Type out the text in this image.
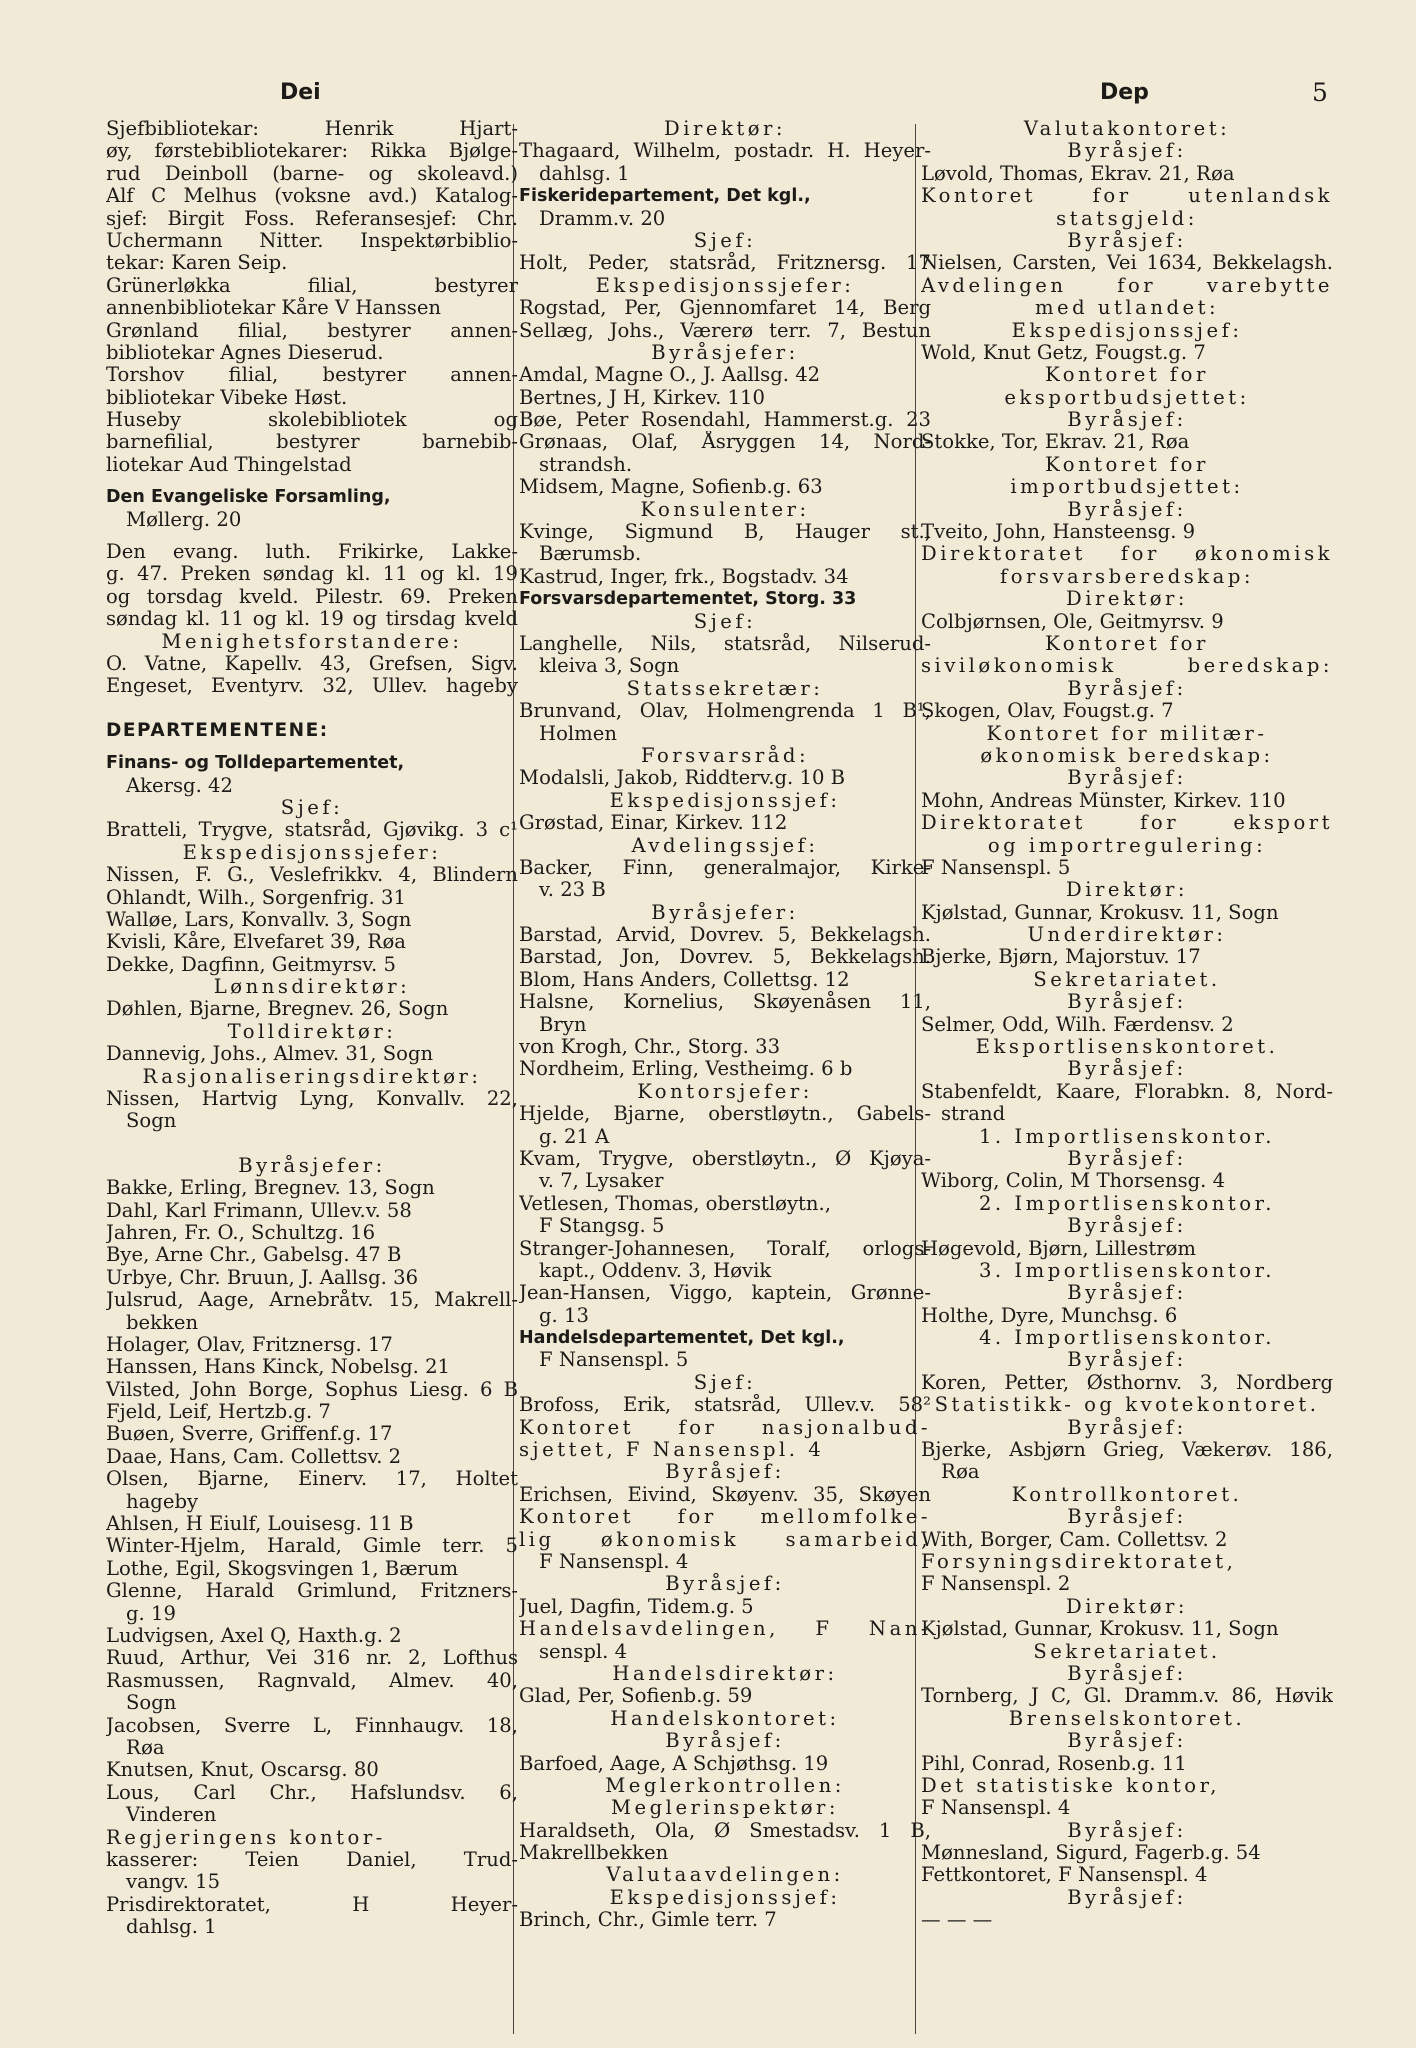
Dei	Dep	5
Sjefbibliotekar: Henrik Hjart-
øy, førstebibliotekarer: Rikka Bjølge-
rud Deinboll (barne- og skoleavd.)
Alf C Melhus (voksne avd.) Katalog-
sjef: Birgit Foss. Referansesjef: Chr.
Uchermann Nitter. Inspektørbiblio-
tekar: Karen Seip.
Grünerløkka filial, bestyrer
annenbibliotekar Kåre V Hanssen
Grønland filial, bestyrer annen-
bibliotekar Agnes Dieserud.
Torshov filial, bestyrer annen-
bibliotekar Vibeke Høst.
Huseby skolebibliotek og
barnefilial, bestyrer barnebib-
liotekar Aud Thingelstad
Den Evangeliske Forsamling,
Møllerg. 20
Den evang. luth. Frikirke, Lakke-
g. 47. Preken søndag kl. 11 og kl. 19
og torsdag kveld. Pilestr. 69. Preken
søndag kl. 11 og kl. 19 og tirsdag kveld
Menighetsforstandere:
O. Vatne, Kapellv. 43, Grefsen, Sigv.
Engeset, Eventyrv. 32, Ullev. hageby
DEPARTEMENTENE:
Finans- og Tolldepartementet,
Akersg. 42
Sjef:
Bratteli, Trygve, statsråd, Gjøvikg. 3 c¹
Ekspedisjonssjefer:
Nissen, F. G., Veslefrikkv. 4, Blindern
Ohlandt, Wilh., Sorgenfrig. 31
Walløe, Lars, Konvallv. 3, Sogn
Kvisli, Kåre, Elvefaret 39, Røa
Dekke, Dagfinn, Geitmyrsv. 5
Lønnsdirektør:
Døhlen, Bjarne, Bregnev. 26, Sogn
Tolldirektør:
Dannevig, Johs., Almev. 31, Sogn
Rasjonaliseringsdirektør:
Nissen, Hartvig Lyng, Konvallv. 22,
Sogn
Byråsjefer:
Bakke, Erling, Bregnev. 13, Sogn
Dahl, Karl Frimann, Ullev.v. 58
Jahren, Fr. O., Schultzg. 16
Bye, Arne Chr., Gabelsg. 47 B
Urbye, Chr. Bruun, J. Aallsg. 36
Julsrud, Aage, Arnebråtv. 15, Makrell-
bekken
Holager, Olav, Fritznersg. 17
Hanssen, Hans Kinck, Nobelsg. 21
Vilsted, John Borge, Sophus Liesg. 6 B
Fjeld, Leif, Hertzb.g. 7
Buøen, Sverre, Griffenf.g. 17
Daae, Hans, Cam. Collettsv. 2
Olsen, Bjarne, Einerv. 17, Holtet
hageby
Ahlsen, H Eiulf, Louisesg. 11 B
Winter-Hjelm, Harald, Gimle terr. 5
Lothe, Egil, Skogsvingen 1, Bærum
Glenne, Harald Grimlund, Fritzners-
g. 19
Ludvigsen, Axel Q, Haxth.g. 2
Ruud, Arthur, Vei 316 nr. 2, Lofthus
Rasmussen, Ragnvald, Almev. 40,
Sogn
Jacobsen, Sverre L, Finnhaugv. 18,
Røa
Knutsen, Knut, Oscarsg. 80
Lous, Carl Chr., Hafslundsv. 6,
Vinderen
Regjeringens kontor-
kasserer: Teien Daniel, Trud-
vangv. 15
Prisdirektoratet, H Heyer-
dahlsg. 1
Direktør:
Thagaard, Wilhelm, postadr. H. Heyer-
dahlsg. 1
Fiskeridepartement, Det kgl.,
Dramm.v. 20
Sjef:
Holt, Peder, statsråd, Fritznersg. 17
Ekspedisjonssjefer:
Rogstad, Per, Gjennomfaret 14, Berg
Sellæg, Johs., Værerø terr. 7, Bestun
Byråsjefer:
Amdal, Magne O., J. Aallsg. 42
Bertnes, J H, Kirkev. 110
Bøe, Peter Rosendahl, Hammerst.g. 23
Grønaas, Olaf, Åsryggen 14, Nord-
strandsh.
Midsem, Magne, Sofienb.g. 63
Konsulenter:
Kvinge, Sigmund B, Hauger st.,
Bærumsb.
Kastrud, Inger, frk., Bogstadv. 34
Forsvarsdepartementet, Storg. 33
Sjef:
Langhelle, Nils, statsråd, Nilserud-
kleiva 3, Sogn
Statssekretær:
Brunvand, Olav, Holmengrenda 1 B¹,
Holmen
Forsvarsråd:
Modalsli, Jakob, Riddterv.g. 10 B
Ekspedisjonssjef:
Grøstad, Einar, Kirkev. 112
Avdelingssjef:
Backer, Finn, generalmajor, Kirke-
v. 23 B
Byråsjefer:
Barstad, Arvid, Dovrev. 5, Bekkelagsh.
Barstad, Jon, Dovrev. 5, Bekkelagsh.
Blom, Hans Anders, Collettsg. 12
Halsne, Kornelius, Skøyenåsen 11,
Bryn
von Krogh, Chr., Storg. 33
Nordheim, Erling, Vestheimg. 6 b
Kontorsjefer:
Hjelde, Bjarne, oberstløytn., Gabels-
g. 21 A
Kvam, Trygve, oberstløytn., Ø Kjøya-
v. 7, Lysaker
Vetlesen, Thomas, oberstløytn.,
F Stangsg. 5
Stranger-Johannesen, Toralf, orlogs-
kapt., Oddenv. 3, Høvik
Jean-Hansen, Viggo, kaptein, Grønne-
g. 13
Handelsdepartementet, Det kgl.,
F Nansenspl. 5
Sjef:
Brofoss, Erik, statsråd, Ullev.v. 58²
Kontoret for nasjonalbud-
sjettet, F Nansenspl. 4
Byråsjef:
Erichsen, Eivind, Skøyenv. 35, Skøyen
Kontoret for mellomfolke-
lig økonomisk samarbeid,
F Nansenspl. 4
Byråsjef:
Juel, Dagfin, Tidem.g. 5
Handelsavdelingen, F Nan-
senspl. 4
Handelsdirektør:
Glad, Per, Sofienb.g. 59
Handelskontoret:
Byråsjef:
Barfoed, Aage, A Schjøthsg. 19
Meglerkontrollen:
Meglerinspektør:
Haraldseth, Ola, Ø Smestadsv. 1 B,
Makrellbekken
Valutaavdelingen:
Ekspedisjonssjef:
Brinch, Chr., Gimle terr. 7
Valutakontoret:
Byråsjef:
Løvold, Thomas, Ekrav. 21, Røa
Kontoret for utenlandsk
statsgjeld:
Byråsjef:
Nielsen, Carsten, Vei 1634, Bekkelagsh.
Avdelingen for varebytte
med utlandet:
Ekspedisjonssjef:
Wold, Knut Getz, Fougst.g. 7
Kontoret for
eksportbudsjettet:
Byråsjef:
Stokke, Tor, Ekrav. 21, Røa
Kontoret for
importbudsjettet:
Byråsjef:
Tveito, John, Hansteensg. 9
Direktoratet for økonomisk
forsvarsberedskap:
Direktør:
Colbjørnsen, Ole, Geitmyrsv. 9
Kontoret for
siviløkonomisk beredskap:
Byråsjef:
Skogen, Olav, Fougst.g. 7
Kontoret for militær-
økonomisk beredskap:
Byråsjef:
Mohn, Andreas Münster, Kirkev. 110
Direktoratet for eksport
og importregulering:
F Nansenspl. 5
Direktør:
Kjølstad, Gunnar, Krokusv. 11, Sogn
Underdirektør:
Bjerke, Bjørn, Majorstuv. 17
Sekretariatet.
Byråsjef:
Selmer, Odd, Wilh. Færdensv. 2
Eksportlisenskontoret.
Byråsjef:
Stabenfeldt, Kaare, Florabkn. 8, Nord-
strand
1. Importlisenskontor.
Byråsjef:
Wiborg, Colin, M Thorsensg. 4
2. Importlisenskontor.
Byråsjef:
Høgevold, Bjørn, Lillestrøm
3. Importlisenskontor.
Byråsjef:
Holthe, Dyre, Munchsg. 6
4. Importlisenskontor.
Byråsjef:
Koren, Petter, Østhornv. 3, Nordberg
Statistikk- og kvotekontoret.
Byråsjef:
Bjerke, Asbjørn Grieg, Vækerøv. 186,
Røa
Kontrollkontoret.
Byråsjef:
With, Borger, Cam. Collettsv. 2
Forsyningsdirektoratet,
F Nansenspl. 2
Direktør:
Kjølstad, Gunnar, Krokusv. 11, Sogn
Sekretariatet.
Byråsjef:
Tornberg, J C, Gl. Dramm.v. 86, Høvik
Brenselskontoret.
Byråsjef:
Pihl, Conrad, Rosenb.g. 11
Det statistiske kontor,
F Nansenspl. 4
Byråsjef:
Mønnesland, Sigurd, Fagerb.g. 54
Fettkontoret, F Nansenspl. 4
Byråsjef:
— — —
